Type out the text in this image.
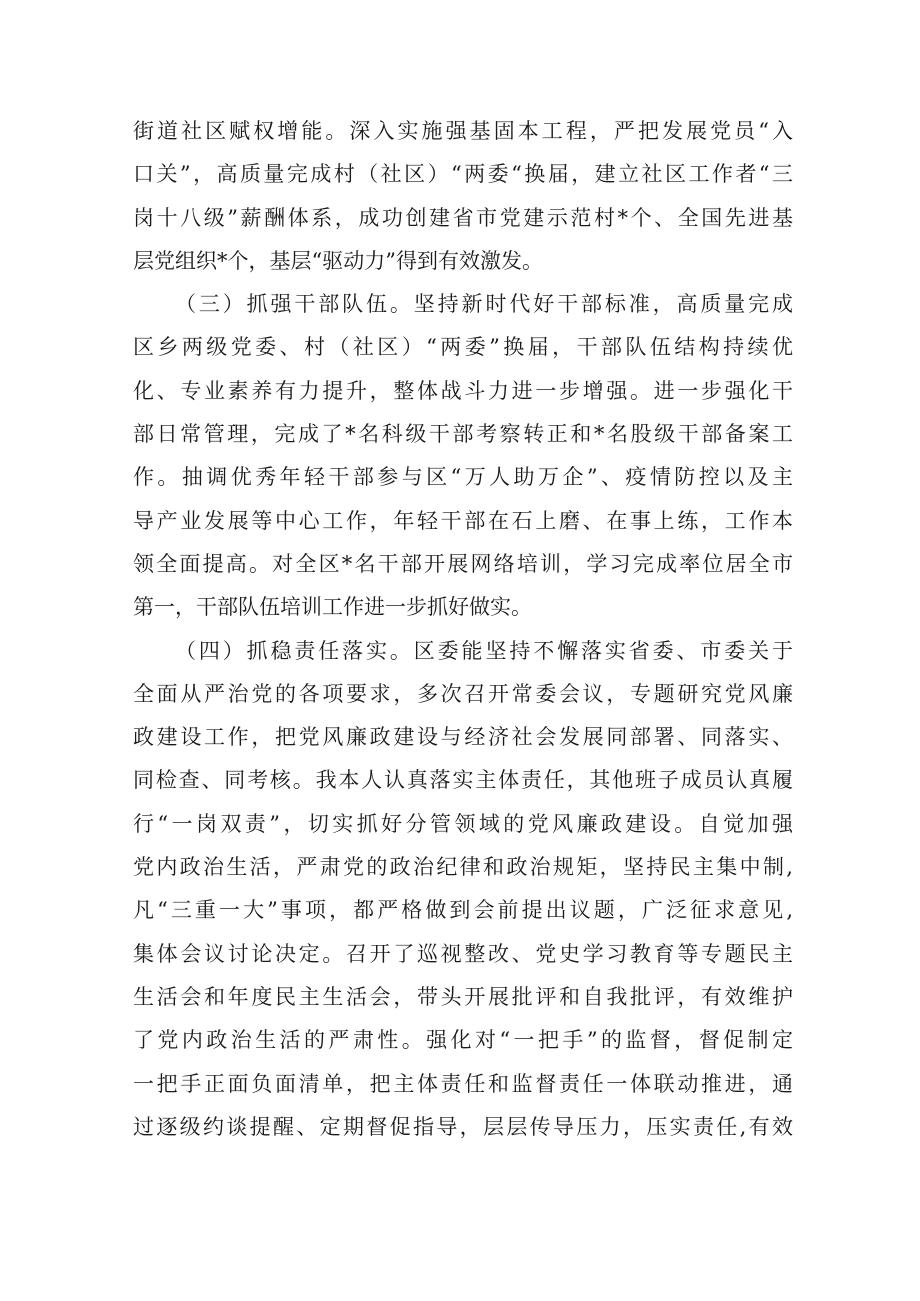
街道社区赋权增能。深入实施强基固本工程，严把发展党员“入
口关”，高质量完成村（社区）“两委“换届，建立社区工作者“三
岗十八级”薪酬体系，成功创建省市党建示范村*个、全国先进基
层党组织*个，基层“驱动力”得到有效激发。
（三）抓强干部队伍。坚持新时代好干部标准，高质量完成
区乡两级党委、村（社区）“两委”换届，干部队伍结构持续优
化、专业素养有力提升，整体战斗力进一步增强。进一步强化干
部日常管理，完成了*名科级干部考察转正和*名股级干部备案工
作。抽调优秀年轻干部参与区“万人助万企”、疫情防控以及主
导产业发展等中心工作，年轻干部在石上磨、在事上练，工作本
领全面提高。对全区*名干部开展网络培训，学习完成率位居全市
第一，干部队伍培训工作进一步抓好做实。
（四）抓稳责任落实。区委能坚持不懈落实省委、市委关于
全面从严治党的各项要求，多次召开常委会议，专题研究党风廉
政建设工作，把党风廉政建设与经济社会发展同部署、同落实、
同检查、同考核。我本人认真落实主体责任，其他班子成员认真履
行“一岗双责”，切实抓好分管领域的党风廉政建设。自觉加强
党内政治生活，严肃党的政治纪律和政治规矩，坚持民主集中制,
凡“三重一大”事项，都严格做到会前提出议题，广泛征求意见,
集体会议讨论决定。召开了巡视整改、党史学习教育等专题民主
生活会和年度民主生活会，带头开展批评和自我批评，有效维护
了党内政治生活的严肃性。强化对“一把手”的监督，督促制定
一把手正面负面清单，把主体责任和监督责任一体联动推进，通
过逐级约谈提醒、定期督促指导，层层传导压力，压实责任,有效
